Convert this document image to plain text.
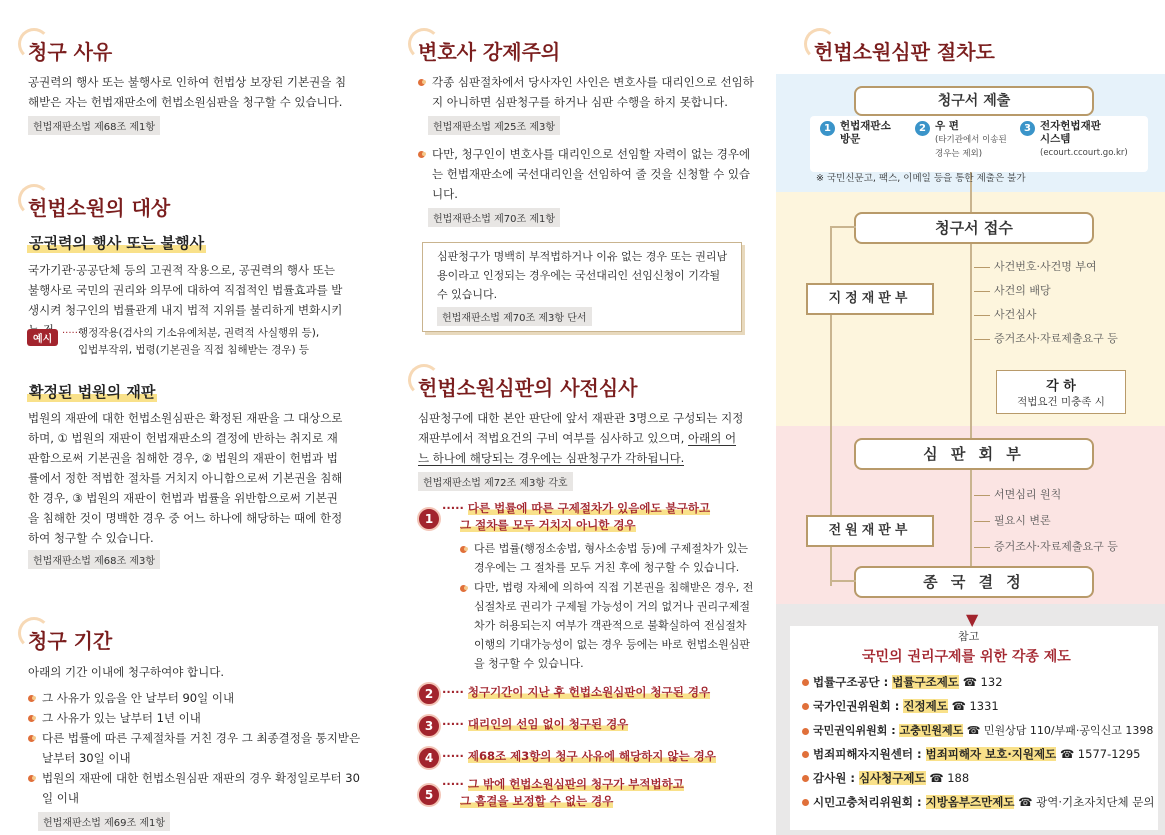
청구 사유
공권력의 행사 또는 불행사로 인하여 헌법상 보장된 기본권을 침해받은 자는 헌법재판소에 헌법소원심판을 청구할 수 있습니다.
헌법재판소법 제68조 제1항
헌법소원의 대상
공권력의 행사 또는 불행사
국가기관·공공단체 등의 고권적 작용으로, 공권력의 행사 또는 불행사로 국민의 권리와 의무에 대하여 직접적인 법률효과를 발생시켜 청구인의 법률관계 내지 법적 지위를 불리하게 변화시키
예시
·······
행정작용(검사의 기소유예처분, 권력적 사실행위 등),
입법부작위, 법령(기본권을 직접 침해받는 경우) 등
확정된 법원의 재판
법원의 재판에 대한 헌법소원심판은 확정된 재판을 그 대상으로 하며, ① 법원의 재판이 헌법재판소의 결정에 반하는 취지로 재판함으로써 기본권을 침해한 경우, ② 법원의 재판이 헌법과 법률에서 정한 적법한 절차를 거치지 아니함으로써 기본권을 침해한 경우, ③ 법원의 재판이 헌법과 법률을 위반함으로써 기본권을 침해한 것이 명백한 경우 중 어느 하나에 해당하는 때에 한정하여 청구할 수 있습니다.
헌법재판소법 제68조 제3항
청구 기간
아래의 기간 이내에 청구하여야 합니다.
그 사유가 있음을 안 날부터 90일 이내
그 사유가 있는 날부터 1년 이내
다른 법률에 따른 구제절차를 거친 경우 그 최종결정을 통지받은 날부터 30일 이내
법원의 재판에 대한 헌법소원심판 재판의 경우 확정일로부터 30일 이내
헌법재판소법 제69조 제1항
변호사 강제주의
각종 심판절차에서 당사자인 사인은 변호사를 대리인으로 선임하지 아니하면 심판청구를 하거나 심판 수행을 하지 못합니다.
헌법재판소법 제25조 제3항
다만, 청구인이 변호사를 대리인으로 선임할 자력이 없는 경우에는 헌법재판소에 국선대리인을 선임하여 줄 것을 신청할 수 있습니다.
헌법재판소법 제70조 제1항
심판청구가 명백히 부적법하거나 이유 없는 경우 또는 권리남용이라고 인정되는 경우에는 국선대리인 선임신청이 기각될 수 있습니다.
헌법재판소법 제70조 제3항 단서
헌법소원심판의 사전심사
심판청구에 대한 본안 판단에 앞서 재판관 3명으로 구성되는 지정재판부에서 적법요건의 구비 여부를 심사하고 있으며, 아래의 어느 하나에 해당되는 경우에는 심판청구가 각하됩니다.
헌법재판소법 제72조 제3항 각호
1
····· 다른 법률에 따른 구제절차가 있음에도 불구하고
그 절차를 모두 거치지 아니한 경우
다른 법률(행정소송법, 형사소송법 등)에 구제절차가 있는 경우에는 그 절차를 모두 거친 후에 청구할 수 있습니다.
다만, 법령 자체에 의하여 직접 기본권을 침해받은 경우, 전심절차로 권리가 구제될 가능성이 거의 없거나 권리구제절차가 허용되는지 여부가 객관적으로 불확실하여 전심절차 이행의 기대가능성이 없는 경우 등에는 바로 헌법소원심판을 청구할 수 있습니다.
2 ····· 청구기간이 지난 후 헌법소원심판이 청구된 경우
3 ····· 대리인의 선임 없이 청구된 경우
4 ····· 제68조 제3항의 청구 사유에 해당하지 않는 경우
5
····· 그 밖에 헌법소원심판의 청구가 부적법하고
그 흠결을 보정할 수 없는 경우
헌법소원심판 절차도
청구서 제출
1 헌법재판소
방문
2 우 편
(타기관에서 이송된
경우는 제외)
3 전자헌법재판
시스템
(ecourt.ccourt.go.kr)
※ 국민신문고, 팩스, 이메일 등을 통한 제출은 불가
청구서 접수
지정재판부
사건번호·사건명 부여
사건의 배당
사건심사
증거조사·자료제출요구 등
각 하
적법요건 미충족 시
심 판 회 부
전원재판부
서면심리 원칙
필요시 변론
증거조사·자료제출요구 등
종 국 결 정
▼
참고
국민의 권리구제를 위한 각종 제도
법률구조공단 : 법률구조제도 ☎ 132
국가인권위원회 : 진정제도 ☎ 1331
국민권익위원회 : 고충민원제도 ☎ 민원상담 110/부패·공익신고 1398
범죄피해자지원센터 : 범죄피해자 보호·지원제도 ☎ 1577-1295
감사원 : 심사청구제도 ☎ 188
시민고충처리위원회 : 지방옴부즈만제도 ☎ 광역·기초자치단체 문의
